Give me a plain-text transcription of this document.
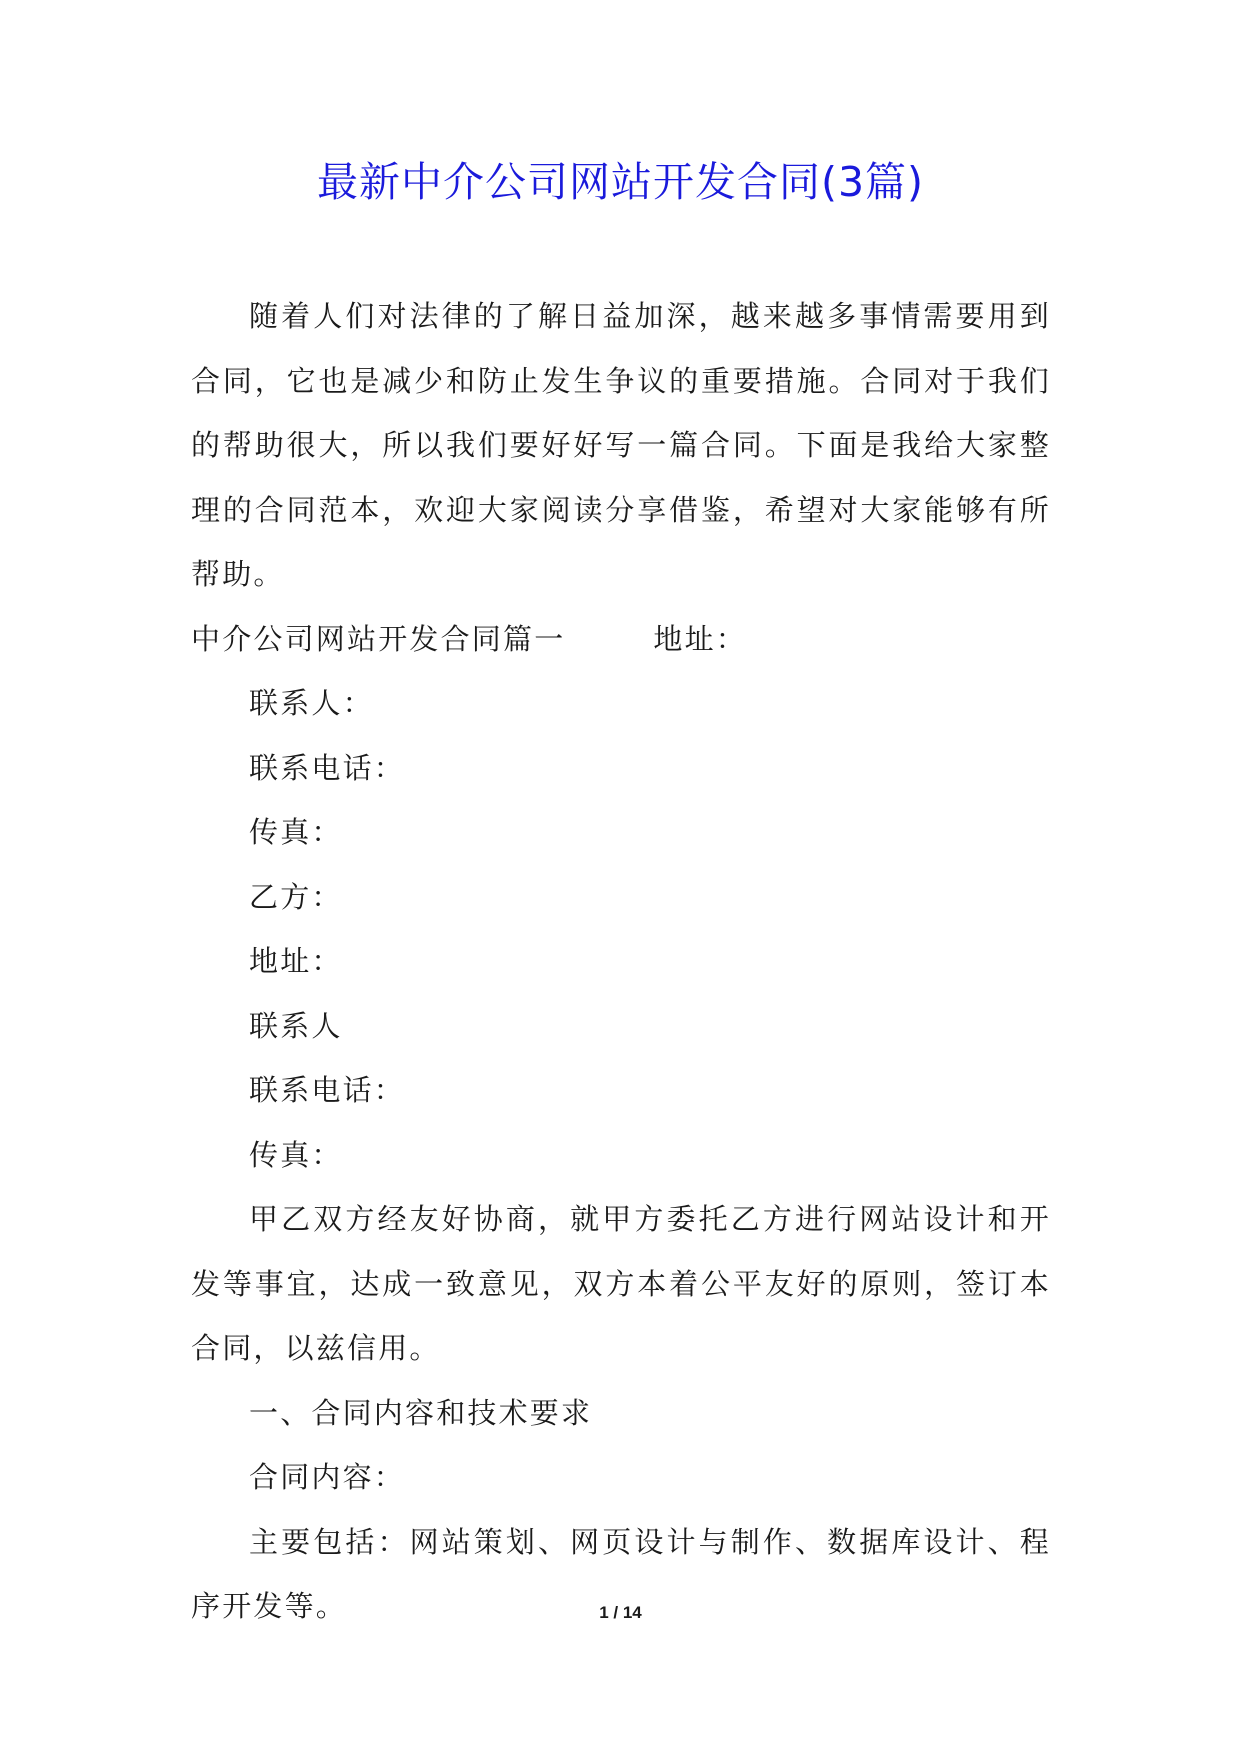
最新中介公司网站开发合同(3篇)

随着人们对法律的了解日益加深，越来越多事情需要用到合同，它也是减少和防止发生争议的重要措施。合同对于我们的帮助很大，所以我们要好好写一篇合同。下面是我给大家整理的合同范本，欢迎大家阅读分享借鉴，希望对大家能够有所帮助。

中介公司网站开发合同篇一	地址：

联系人：

联系电话：

传真：

乙方：

地址：

联系人

联系电话：

传真：

甲乙双方经友好协商，就甲方委托乙方进行网站设计和开发等事宜，达成一致意见，双方本着公平友好的原则，签订本合同，以兹信用。

一、合同内容和技术要求

合同内容：

主要包括：网站策划、网页设计与制作、数据库设计、程序开发等。	1 / 14
